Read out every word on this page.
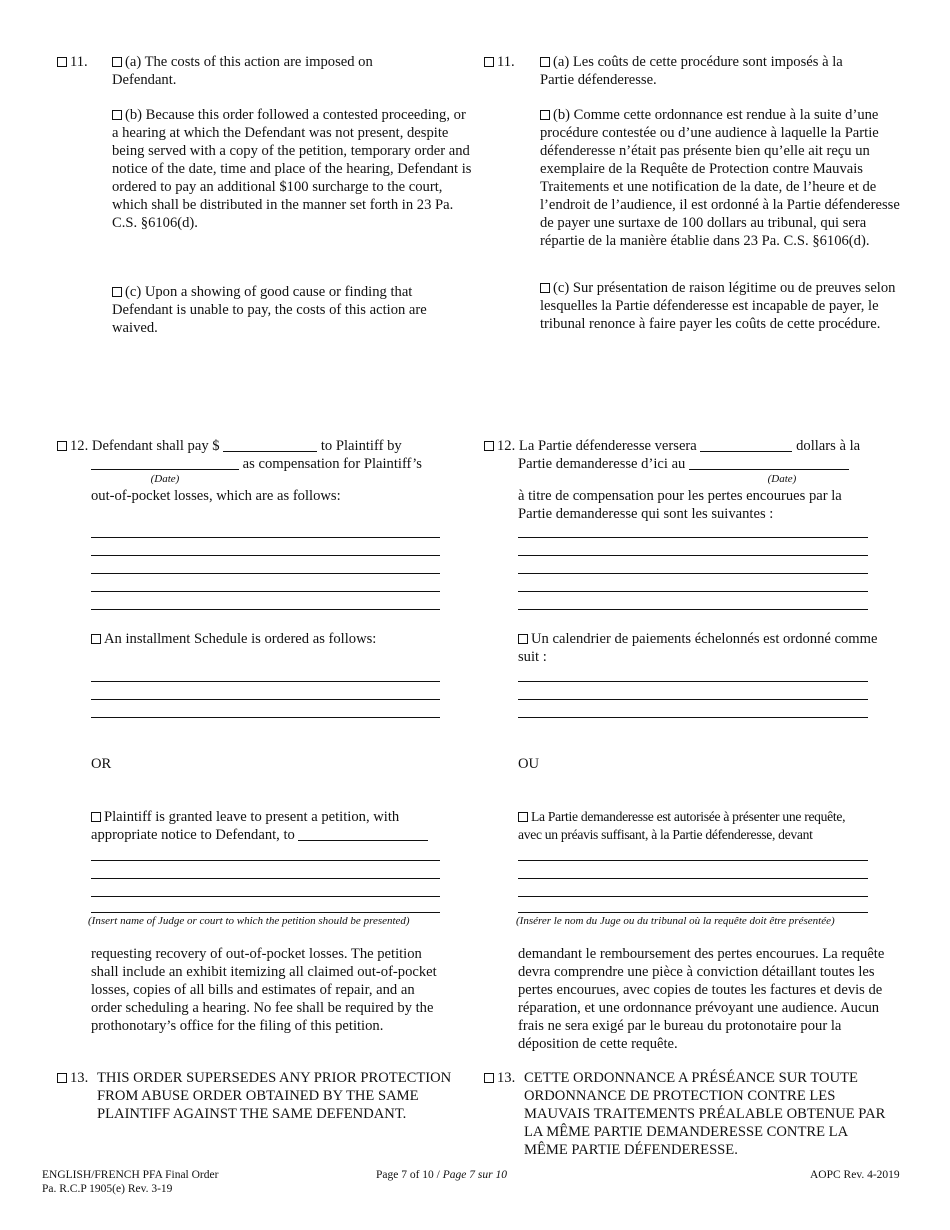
11.	(a) The costs of this action are imposed on Defendant.

(b) Because this order followed a contested proceeding, or a hearing at which the Defendant was not present, despite being served with a copy of the petition, temporary order and notice of the date, time and place of the hearing, Defendant is ordered to pay an additional $100 surcharge to the court, which shall be distributed in the manner set forth in 23 Pa. C.S. §6106(d).

(c) Upon a showing of good cause or finding that Defendant is unable to pay, the costs of this action are waived.

11.	(a) Les coûts de cette procédure sont imposés à la Partie défenderesse.

(b) Comme cette ordonnance est rendue à la suite d’une procédure contestée ou d’une audience à laquelle la Partie défenderesse n’était pas présente bien qu’elle ait reçu un exemplaire de la Requête de Protection contre Mauvais Traitements et une notification de la date, de l’heure et de l’endroit de l’audience, il est ordonné à la Partie défenderesse de payer une surtaxe de 100 dollars au tribunal, qui sera répartie de la manière établie dans 23 Pa. C.S. §6106(d).

(c) Sur présentation de raison légitime ou de preuves selon lesquelles la Partie défenderesse est incapable de payer, le tribunal renonce à faire payer les coûts de cette procédure.

12. Defendant shall pay $	to Plaintiff by
as compensation for Plaintiff’s
(Date)
out-of-pocket losses, which are as follows:
An installment Schedule is ordered as follows:
OR
Plaintiff is granted leave to present a petition, with
appropriate notice to Defendant, to
(Insert name of Judge or court to which the petition should be presented)
requesting recovery of out-of-pocket losses. The petition shall include an exhibit itemizing all claimed out-of-pocket losses, copies of all bills and estimates of repair, and an order scheduling a hearing. No fee shall be required by the prothonotary’s office for the filing of this petition.
12. La Partie défenderesse versera	dollars à la
Partie demanderesse d’ici au
(Date)
à titre de compensation pour les pertes encourues par la Partie demanderesse qui sont les suivantes :
Un calendrier de paiements échelonnés est ordonné comme suit :
OU
La Partie demanderesse est autorisée à présenter une requête,
avec un préavis suffisant, à la Partie défenderesse, devant
(Insérer le nom du Juge ou du tribunal où la requête doit être présentée)
demandant le remboursement des pertes encourues. La requête devra comprendre une pièce à conviction détaillant toutes les pertes encourues, avec copies de toutes les factures et devis de réparation, et une ordonnance prévoyant une audience. Aucun frais ne sera exigé par le bureau du protonotaire pour la déposition de cette requête.
13. THIS ORDER SUPERSEDES ANY PRIOR PROTECTION FROM ABUSE ORDER OBTAINED BY THE SAME PLAINTIFF AGAINST THE SAME DEFENDANT.
13. CETTE ORDONNANCE A PRÉSÉANCE SUR TOUTE ORDONNANCE DE PROTECTION CONTRE LES MAUVAIS TRAITEMENTS PRÉALABLE OBTENUE PAR LA MÊME PARTIE DEMANDERESSE CONTRE LA MÊME PARTIE DÉFENDERESSE.
ENGLISH/FRENCH PFA Final Order
Pa. R.C.P 1905(e) Rev. 3-19
Page 7 of 10 / Page 7 sur 10	AOPC Rev. 4-2019
